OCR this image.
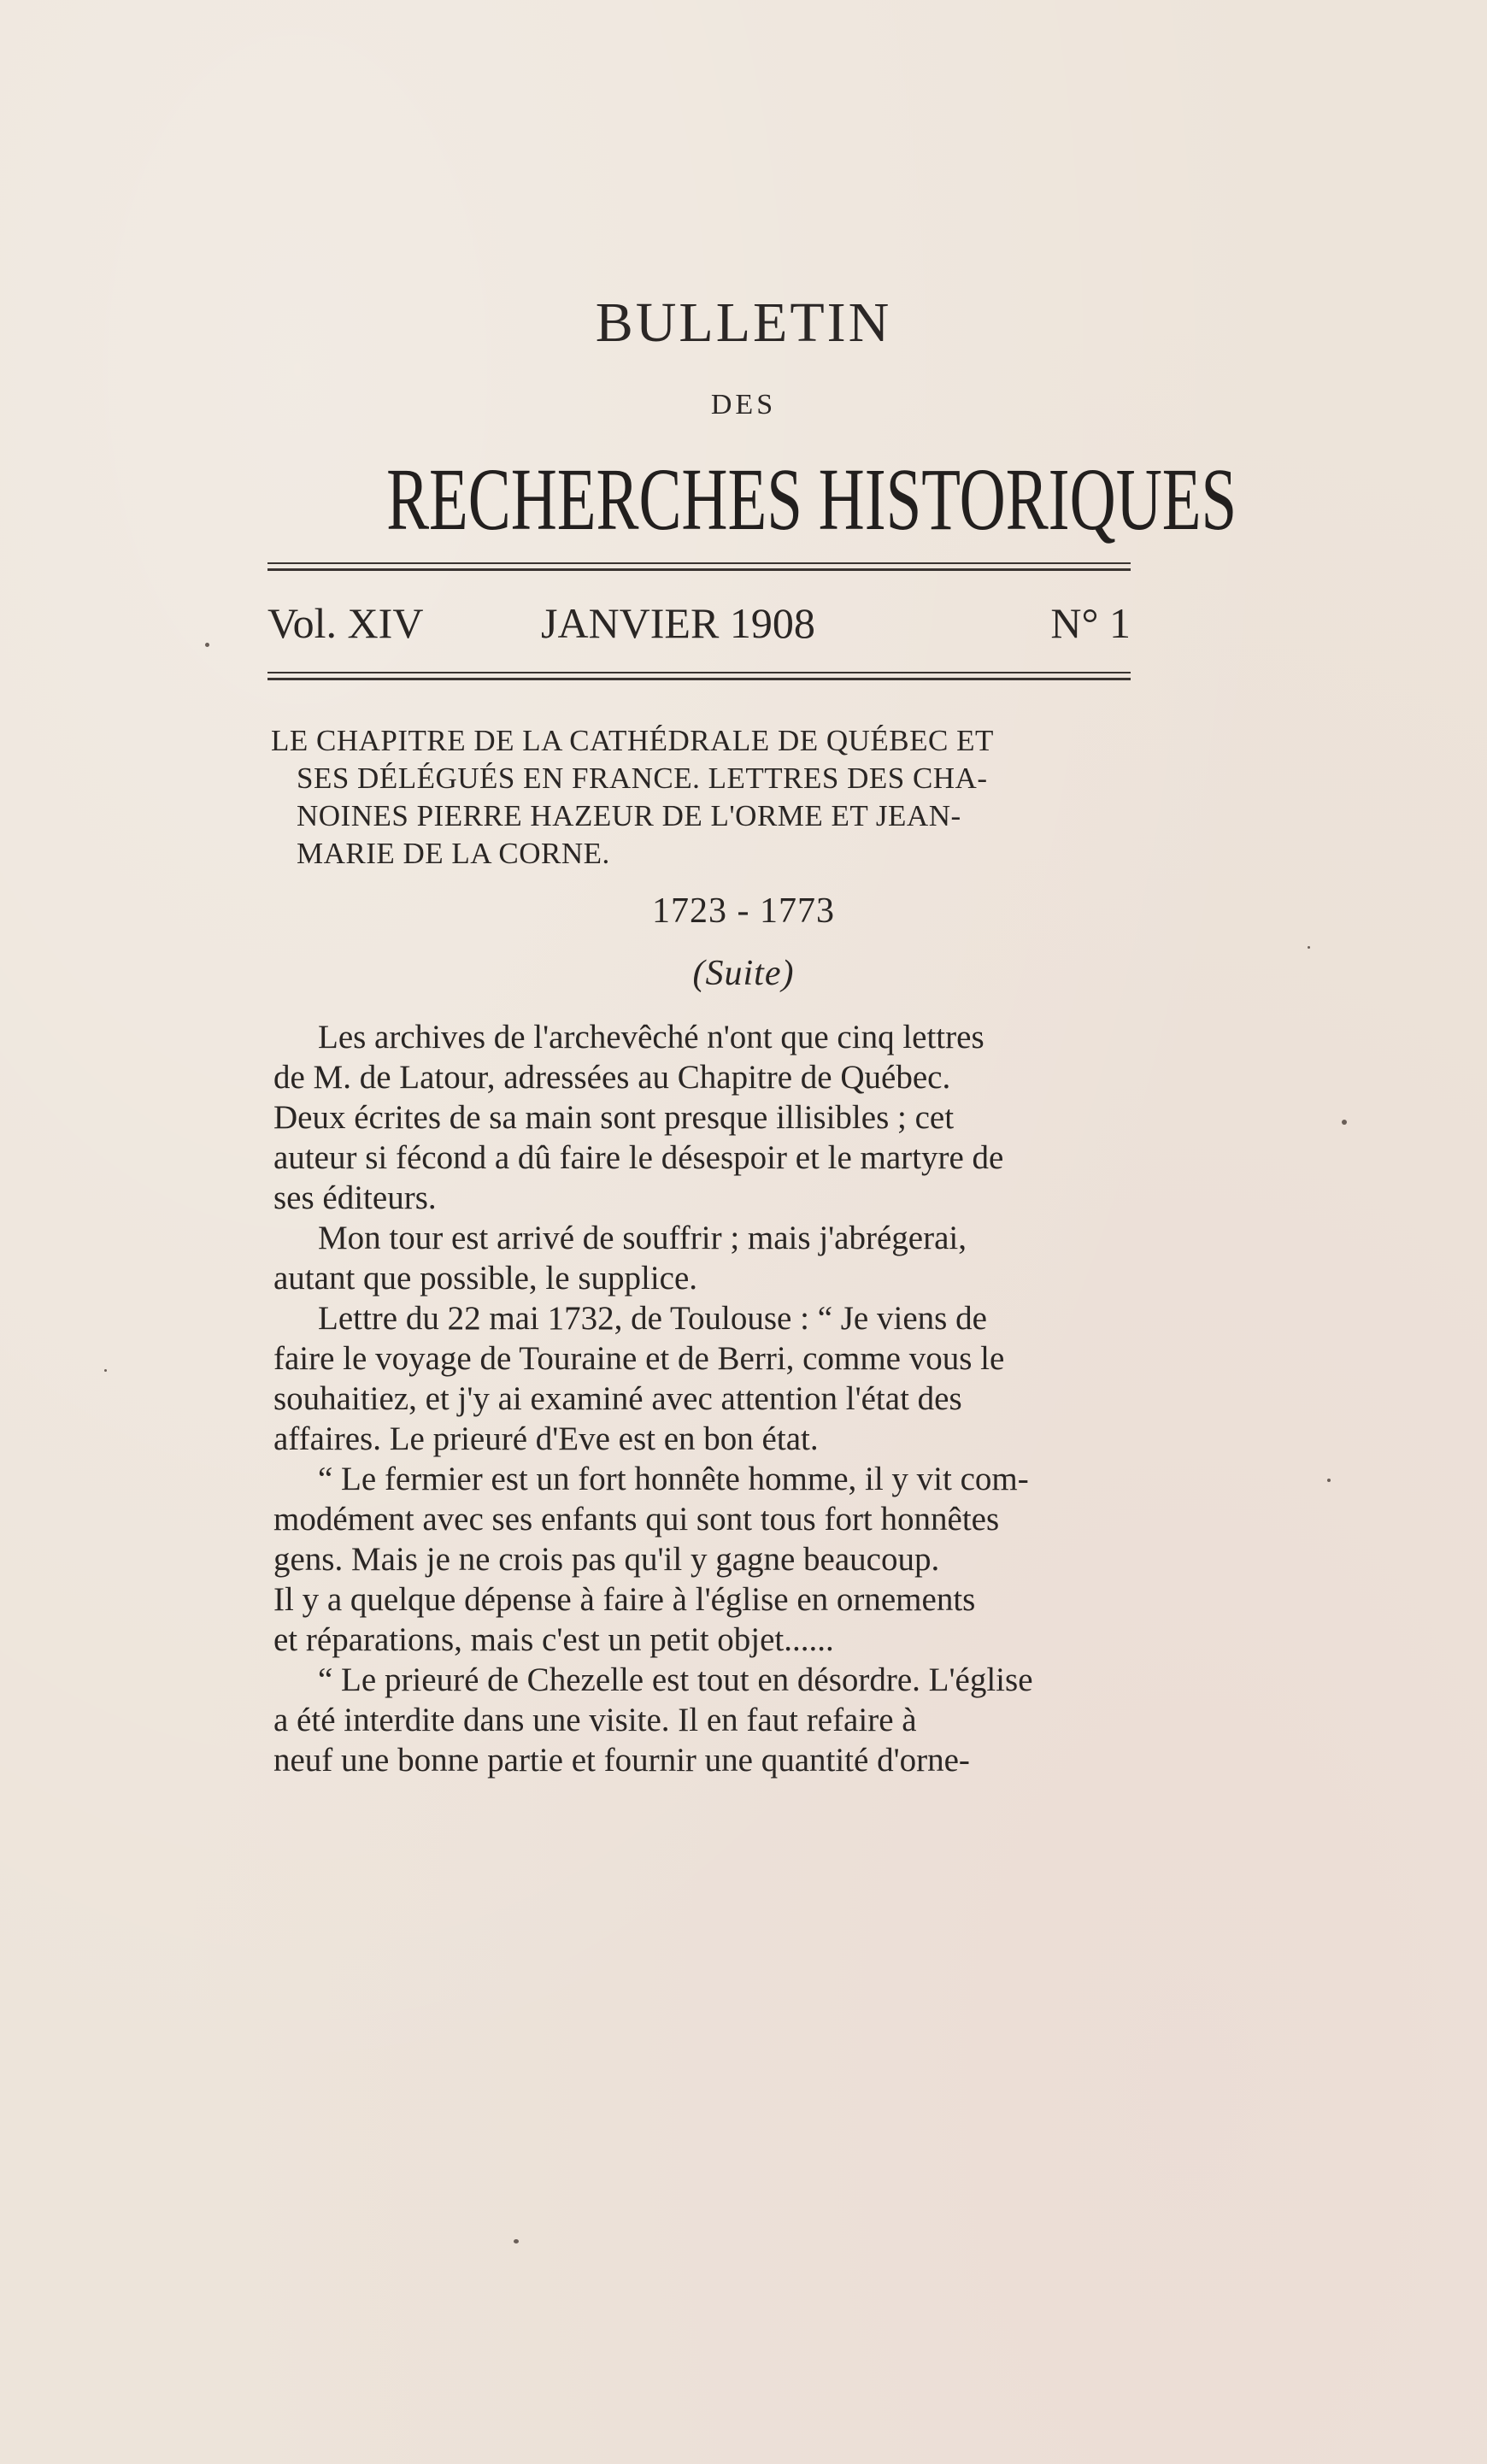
BULLETIN
DES
RECHERCHES HISTORIQUES
Vol. XIV	JANVIER 1908	N° 1
LE CHAPITRE DE LA CATHÉDRALE DE QUÉBEC ET
SES DÉLÉGUÉS EN FRANCE. LETTRES DES CHA-
NOINES PIERRE HAZEUR DE L'ORME ET JEAN-
MARIE DE LA CORNE.
1723 - 1773
(Suite)
Les archives de l'archevêché n'ont que cinq lettres
de M. de Latour, adressées au Chapitre de Québec.
Deux écrites de sa main sont presque illisibles ; cet
auteur si fécond a dû faire le désespoir et le martyre de
ses éditeurs.
Mon tour est arrivé de souffrir ; mais j'abrégerai,
autant que possible, le supplice.
Lettre du 22 mai 1732, de Toulouse : “ Je viens de
faire le voyage de Touraine et de Berri, comme vous le
souhaitiez, et j'y ai examiné avec attention l'état des
affaires. Le prieuré d'Eve est en bon état.
“ Le fermier est un fort honnête homme, il y vit com-
modément avec ses enfants qui sont tous fort honnêtes
gens. Mais je ne crois pas qu'il y gagne beaucoup.
Il y a quelque dépense à faire à l'église en ornements
et réparations, mais c'est un petit objet......
“ Le prieuré de Chezelle est tout en désordre. L'église
a été interdite dans une visite. Il en faut refaire à
neuf une bonne partie et fournir une quantité d'orne-
